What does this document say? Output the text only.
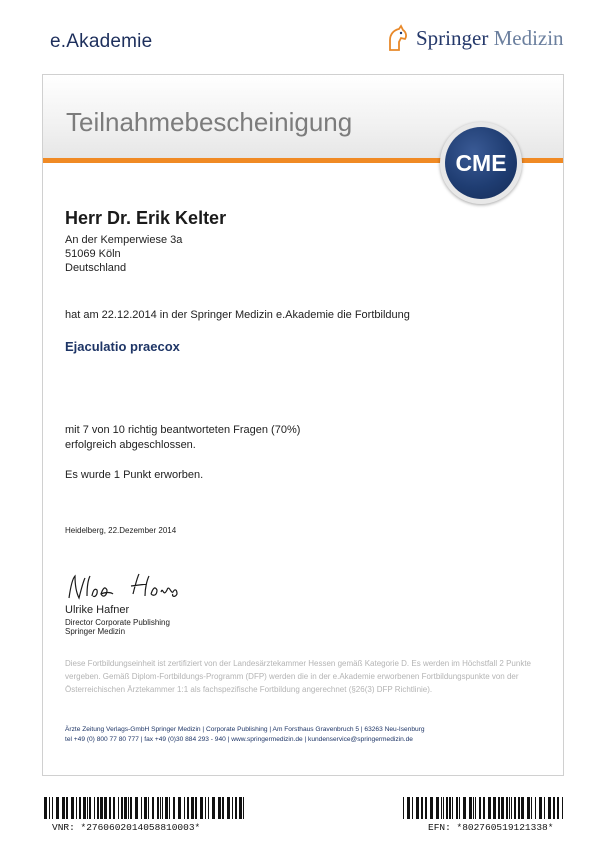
e.Akademie	Springer Medizin
Teilnahmebescheinigung
CME
Herr Dr. Erik Kelter
An der Kemperwiese 3a
51069 Köln
Deutschland
hat am 22.12.2014 in der Springer Medizin e.Akademie die Fortbildung
Ejaculatio praecox
mit 7 von 10 richtig beantworteten Fragen (70%)
erfolgreich abgeschlossen.
Es wurde 1 Punkt erworben.
Heidelberg, 22.Dezember 2014
Ulrike Hafner
Director Corporate Publishing
Springer Medizin
Diese Fortbildungseinheit ist zertifiziert von der Landesärztekammer Hessen gemäß Kategorie D. Es werden im Höchstfall 2 Punkte vergeben. Gemäß Diplom-Fortbildungs-Programm (DFP) werden die in der e.Akademie erworbenen Fortbildungspunkte von der Österreichischen Ärztekammer 1:1 als fachspezifische Fortbildung angerechnet (§26(3) DFP Richtlinie).
Ärzte Zeitung Verlags-GmbH Springer Medizin | Corporate Publishing | Am Forsthaus Gravenbruch 5 | 63263 Neu-Isenburg
tel +49 (0) 800 77 80 777 | fax +49 (0)30 884 293 - 940 | www.springermedizin.de | kundenservice@springermedizin.de
VNR: *2760602014058810003*	EFN: *802760519121338*
